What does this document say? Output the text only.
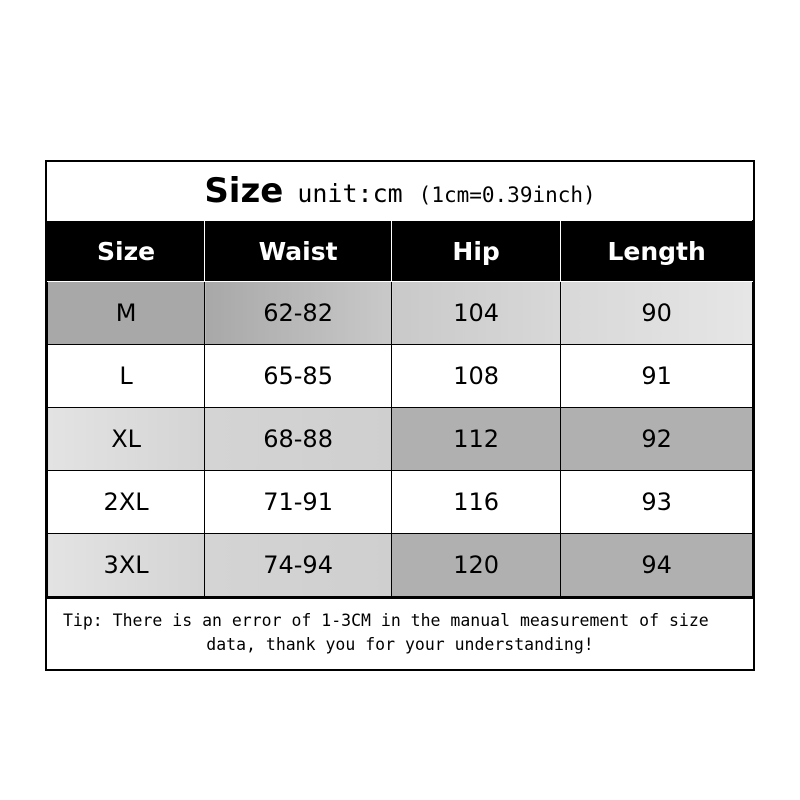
Size unit:cm (1cm=0.39inch)
Size	Waist	Hip	Length
M	62-82	104	90
L	65-85	108	91
XL	68-88	112	92
2XL	71-91	116	93
3XL	74-94	120	94
Tip: There is an error of 1-3CM in the manual measurement of size
data, thank you for your understanding!
